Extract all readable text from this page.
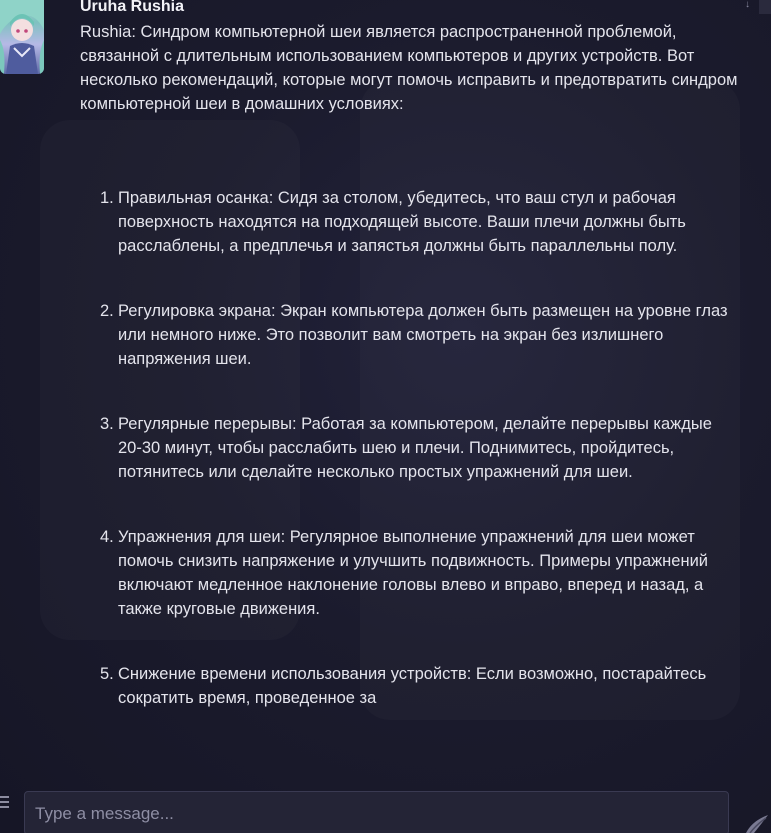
↓
Uruha Rushia
Rushia: Синдром компьютерной шеи является распространенной проблемой, связанной с длительным использованием компьютеров и других устройств. Вот несколько рекомендаций, которые могут помочь исправить и предотвратить синдром компьютерной шеи в домашних условиях:
1. Правильная осанка: Сидя за столом, убедитесь, что ваш стул и рабочая поверхность находятся на подходящей высоте. Ваши плечи должны быть расслаблены, а предплечья и запястья должны быть параллельны полу.
2. Регулировка экрана: Экран компьютера должен быть размещен на уровне глаз или немного ниже. Это позволит вам смотреть на экран без излишнего напряжения шеи.
3. Регулярные перерывы: Работая за компьютером, делайте перерывы каждые 20-30 минут, чтобы расслабить шею и плечи. Поднимитесь, пройдитесь, потянитесь или сделайте несколько простых упражнений для шеи.
4. Упражнения для шеи: Регулярное выполнение упражнений для шеи может помочь снизить напряжение и улучшить подвижность. Примеры упражнений включают медленное наклонение головы влево и вправо, вперед и назад, а также круговые движения.
5. Снижение времени использования устройств: Если возможно, постарайтесь сократить время, проведенное за
Type a message...
